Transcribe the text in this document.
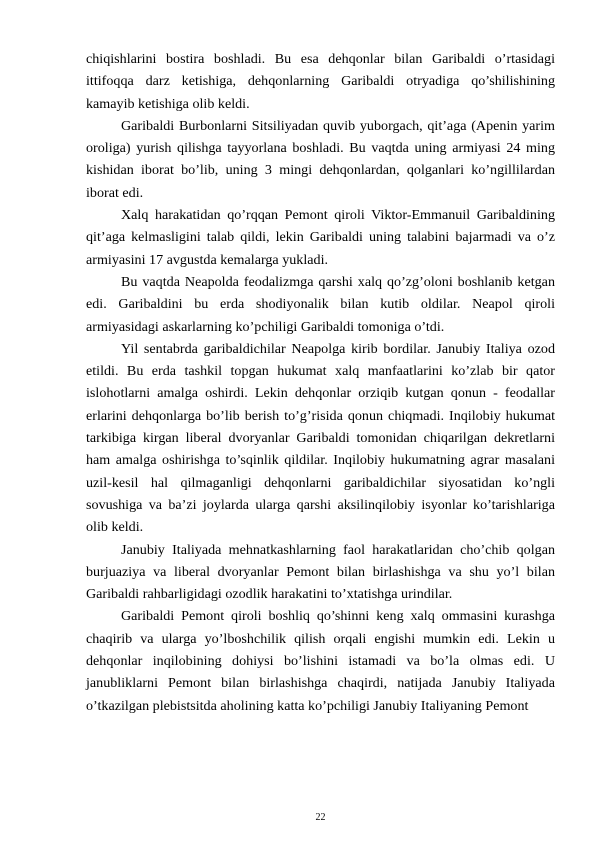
chiqishlarini bostira boshladi. Bu esa dehqonlar bilan Garibaldi o’rtasidagi ittifoqqa darz ketishiga, dehqonlarning Garibaldi otryadiga qo’shilishining kamayib ketishiga olib keldi.

Garibaldi Burbonlarni Sitsiliyadan quvib yuborgach, qit’aga (Apenin yarim oroliga) yurish qilishga tayyorlana boshladi. Bu vaqtda uning armiyasi 24 ming kishidan iborat bo’lib, uning 3 mingi dehqonlardan, qolganlari ko’ngillilardan iborat edi.

Xalq harakatidan qo’rqqan Pemont qiroli Viktor-Emmanuil Garibaldining qit’aga kelmasligini talab qildi, lekin Garibaldi uning talabini bajarmadi va o’z armiyasini 17 avgustda kemalarga yukladi.

Bu vaqtda Neapolda feodalizmga qarshi xalq qo’zg’oloni boshlanib ketgan edi. Garibaldini bu erda shodiyonalik bilan kutib oldilar. Neapol qiroli armiyasidagi askarlarning ko’pchiligi Garibaldi tomoniga o’tdi.

Yil sentabrda garibaldichilar Neapolga kirib bordilar. Janubiy Italiya ozod etildi. Bu erda tashkil topgan hukumat xalq manfaatlarini ko’zlab bir qator islohotlarni amalga oshirdi. Lekin dehqonlar orziqib kutgan qonun - feodallar erlarini dehqonlarga bo’lib berish to’g’risida qonun chiqmadi. Inqilobiy hukumat tarkibiga kirgan liberal dvoryanlar Garibaldi tomonidan chiqarilgan dekretlarni ham amalga oshirishga to’sqinlik qildilar. Inqilobiy hukumatning agrar masalani uzil-kesil hal qilmaganligi dehqonlarni garibaldichilar siyosatidan ko’ngli sovushiga va ba’zi joylarda ularga qarshi aksilinqilobiy isyonlar ko’tarishlariga olib keldi.

Janubiy Italiyada mehnatkashlarning faol harakatlaridan cho’chib qolgan burjuaziya va liberal dvoryanlar Pemont bilan birlashishga va shu yo’l bilan Garibaldi rahbarligidagi ozodlik harakatini to’xtatishga urindilar.

Garibaldi Pemont qiroli boshliq qo’shinni keng xalq ommasini kurashga chaqirib va ularga yo’lboshchilik qilish orqali engishi mumkin edi. Lekin u dehqonlar inqilobining dohiysi bo’lishini istamadi va bo’la olmas edi. U janubliklarni Pemont bilan birlashishga chaqirdi, natijada Janubiy Italiyada o’tkazilgan plebistsitda aholining katta ko’pchiligi Janubiy Italiyaning Pemont

22
